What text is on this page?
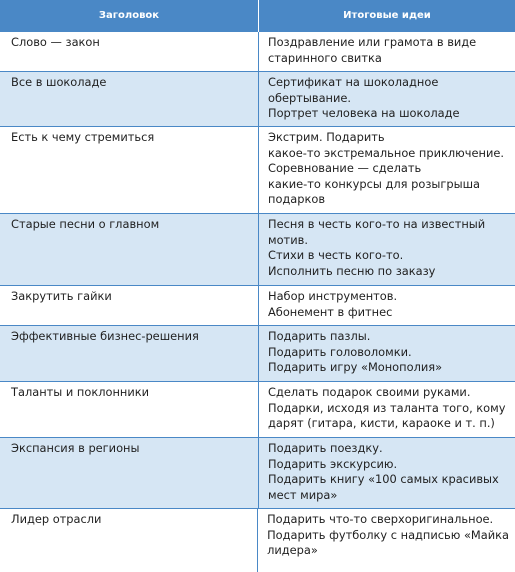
Заголовок	Итоговые идеи
Слово — закон	Поздравление или грамота в виде
старинного свитка
Все в шоколаде	Сертификат на шоколадное
обертывание.
Портрет человека на шоколаде
Есть к чему стремиться	Экстрим. Подарить
какое-то экстремальное приключение.
Соревнование — сделать
какие-то конкурсы для розыгрыша
подарков
Старые песни о главном	Песня в честь кого-то на известный
мотив.
Стихи в честь кого-то.
Исполнить песню по заказу
Закрутить гайки	Набор инструментов.
Абонемент в фитнес
Эффективные бизнес-решения	Подарить пазлы.
Подарить головоломки.
Подарить игру «Монополия»
Таланты и поклонники	Сделать подарок своими руками.
Подарки, исходя из таланта того, кому
дарят (гитара, кисти, караоке и т. п.)
Экспансия в регионы	Подарить поездку.
Подарить экскурсию.
Подарить книгу «100 самых красивых
мест мира»
Лидер отрасли	Подарить что-то сверхоригинальное.
Подарить футболку с надписью «Майка
лидера»
